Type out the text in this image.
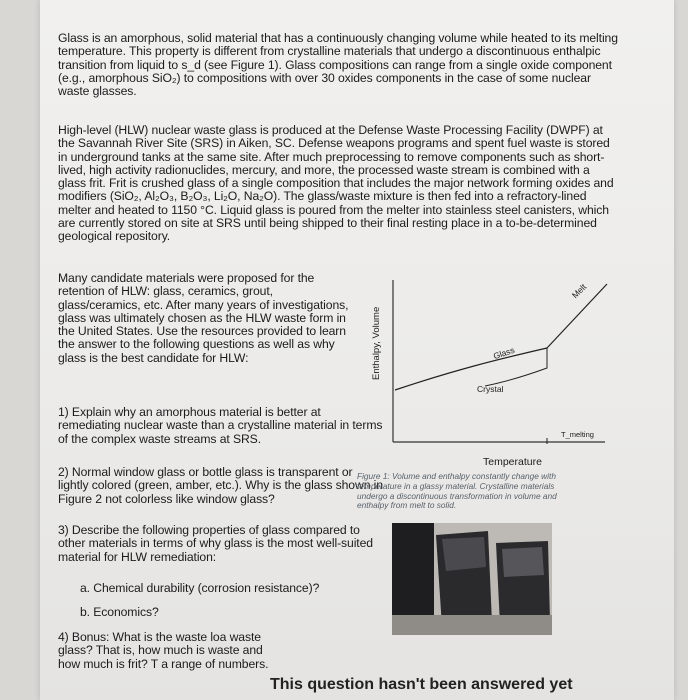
Glass is an amorphous, solid material that has a continuously changing volume while heated to its melting temperature. This property is different from crystalline materials that undergo a discontinuous enthalpic transition from liquid to s_d (see Figure 1). Glass compositions can range from a single oxide component (e.g., amorphous SiO₂) to compositions with over 30 oxides components in the case of some nuclear waste glasses.
High-level (HLW) nuclear waste glass is produced at the Defense Waste Processing Facility (DWPF) at the Savannah River Site (SRS) in Aiken, SC. Defense weapons programs and spent fuel waste is stored in underground tanks at the same site. After much preprocessing to remove components such as short-lived, high activity radionuclides, mercury, and more, the processed waste stream is combined with a glass frit. Frit is crushed glass of a single composition that includes the major network forming oxides and modifiers (SiO₂, Al₂O₃, B₂O₃, Li₂O, Na₂O). The glass/waste mixture is then fed into a refractory-lined melter and heated to 1150 °C. Liquid glass is poured from the melter into stainless steel canisters, which are currently stored on site at SRS until being shipped to their final resting place in a to-be-determined geological repository.
Many candidate materials were proposed for the retention of HLW: glass, ceramics, grout, glass/ceramics, etc. After many years of investigations, glass was ultimately chosen as the HLW waste form in the United States. Use the resources provided to learn the answer to the following questions as well as why glass is the best candidate for HLW:
1) Explain why an amorphous material is better at remediating nuclear waste than a crystalline material in terms of the complex waste streams at SRS.
2) Normal window glass or bottle glass is transparent or lightly colored (green, amber, etc.). Why is the glass shown in Figure 2 not colorless like window glass?
3) Describe the following properties of glass compared to other materials in terms of why glass is the most well-suited material for HLW remediation:
a. Chemical durability (corrosion resistance)?
b. Economics?
4) Bonus: What is the waste loa waste glass? That is, how much is waste and how much is frit? T a range of numbers.
Enthalpy, Volume
Melt
Glass
Crystal
T_melting
Temperature
Figure 1: Volume and enthalpy constantly change with temperature in a glassy material. Crystalline materials undergo a discontinuous transformation in volume and enthalpy from melt to solid.
This question hasn't been answered yet
